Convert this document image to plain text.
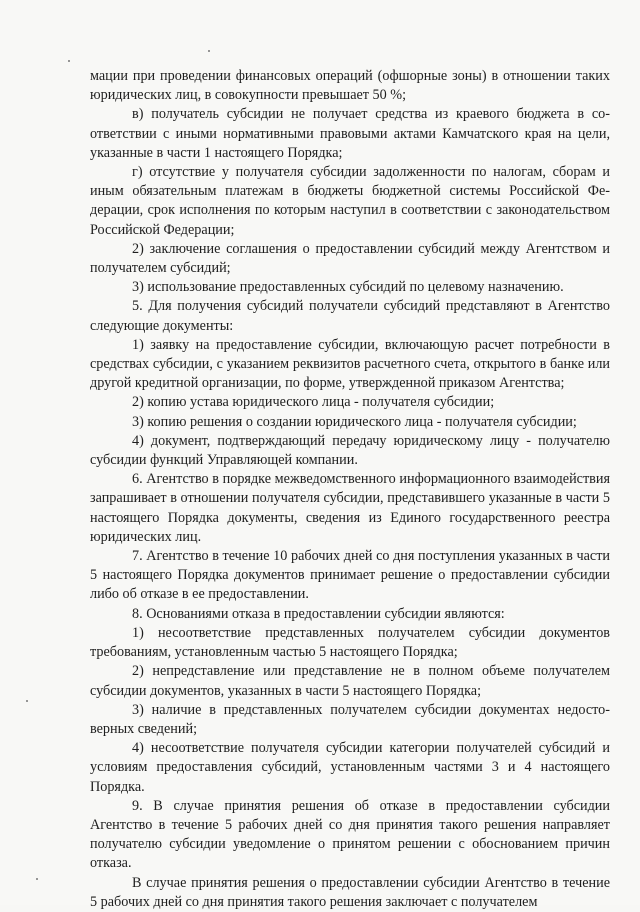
мации при проведении финансовых операций (офшорные зоны) в отношении таких юридических лиц, в совокупности превышает 50 %;

в) получатель субсидии не получает средства из краевого бюджета в соответствии с иными нормативными правовыми актами Камчатского края на цели, указанные в части 1 настоящего Порядка;

г) отсутствие у получателя субсидии задолженности по налогам, сборам и иным обязательным платежам в бюджеты бюджетной системы Российской Федерации, срок исполнения по которым наступил в соответствии с законодательством Российской Федерации;

2) заключение соглашения о предоставлении субсидий между Агентством и получателем субсидий;

3) использование предоставленных субсидий по целевому назначению.

5. Для получения субсидий получатели субсидий представляют в Агентство следующие документы:

1) заявку на предоставление субсидии, включающую расчет потребности в средствах субсидии, с указанием реквизитов расчетного счета, открытого в банке или другой кредитной организации, по форме, утвержденной приказом Агентства;

2) копию устава юридического лица - получателя субсидии;

3) копию решения о создании юридического лица - получателя субсидии;

4) документ, подтверждающий передачу юридическому лицу - получателю субсидии функций Управляющей компании.

6. Агентство в порядке межведомственного информационного взаимодействия запрашивает в отношении получателя субсидии, представившего указанные в части 5 настоящего Порядка документы, сведения из Единого государственного реестра юридических лиц.

7. Агентство в течение 10 рабочих дней со дня поступления указанных в части 5 настоящего Порядка документов принимает решение о предоставлении субсидии либо об отказе в ее предоставлении.

8. Основаниями отказа в предоставлении субсидии являются:

1) несоответствие представленных получателем субсидии документов требованиям, установленным частью 5 настоящего Порядка;

2) непредставление или представление не в полном объеме получателем субсидии документов, указанных в части 5 настоящего Порядка;

3) наличие в представленных получателем субсидии документах недостоверных сведений;

4) несоответствие получателя субсидии категории получателей субсидий и условиям предоставления субсидий, установленным частями 3 и 4 настоящего Порядка.

9. В случае принятия решения об отказе в предоставлении субсидии Агентство в течение 5 рабочих дней со дня принятия такого решения направляет получателю субсидии уведомление о принятом решении с обоснованием причин отказа.

В случае принятия решения о предоставлении субсидии Агентство в течение 5 рабочих дней со дня принятия такого решения заключает с получателем
